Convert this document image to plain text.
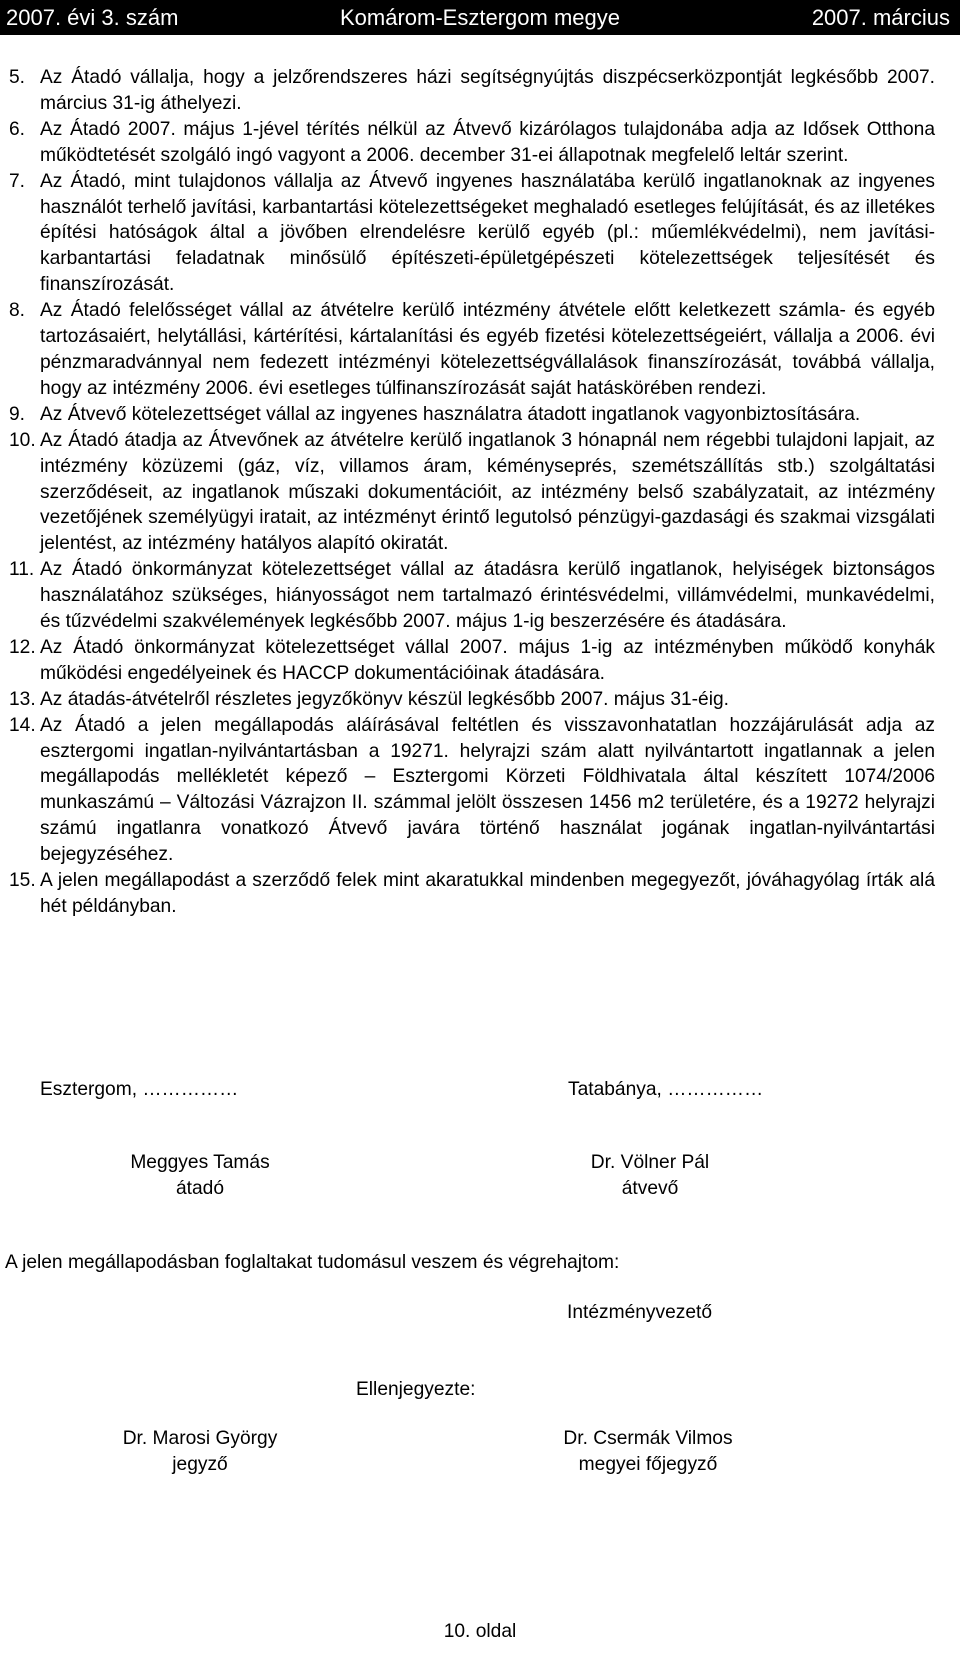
2007. évi 3. szám	Komárom-Esztergom megye	2007. március
5. Az Átadó vállalja, hogy a jelzőrendszeres házi segítségnyújtás diszpécserközpontját legkésőbb 2007. március 31-ig áthelyezi.
6. Az Átadó 2007. május 1-jével térítés nélkül az Átvevő kizárólagos tulajdonába adja az Idősek Otthona működtetését szolgáló ingó vagyont a 2006. december 31-ei állapotnak megfelelő leltár szerint.
7. Az Átadó, mint tulajdonos vállalja az Átvevő ingyenes használatába kerülő ingatlanoknak az ingyenes használót terhelő javítási, karbantartási kötelezettségeket meghaladó esetleges felújítását, és az illetékes építési hatóságok által a jövőben elrendelésre kerülő egyéb (pl.: műemlékvédelmi), nem javítási-karbantartási feladatnak minősülő építészeti-épületgépészeti kötelezettségek teljesítését és finanszírozását.
8. Az Átadó felelősséget vállal az átvételre kerülő intézmény átvétele előtt keletkezett számla- és egyéb tartozásaiért, helytállási, kártérítési, kártalanítási és egyéb fizetési kötelezettségeiért, vállalja a 2006. évi pénzmaradvánnyal nem fedezett intézményi kötelezettségvállalások finanszírozását, továbbá vállalja, hogy az intézmény 2006. évi esetleges túlfinanszírozását saját hatáskörében rendezi.
9. Az Átvevő kötelezettséget vállal az ingyenes használatra átadott ingatlanok vagyonbiztosítására.
10. Az Átadó átadja az Átvevőnek az átvételre kerülő ingatlanok 3 hónapnál nem régebbi tulajdoni lapjait, az intézmény közüzemi (gáz, víz, villamos áram, kéményseprés, szemétszállítás stb.) szolgáltatási szerződéseit, az ingatlanok műszaki dokumentációit, az intézmény belső szabályzatait, az intézmény vezetőjének személyügyi iratait, az intézményt érintő legutolsó pénzügyi-gazdasági és szakmai vizsgálati jelentést, az intézmény hatályos alapító okiratát.
11. Az Átadó önkormányzat kötelezettséget vállal az átadásra kerülő ingatlanok, helyiségek biztonságos használatához szükséges, hiányosságot nem tartalmazó érintésvédelmi, villámvédelmi, munkavédelmi, és tűzvédelmi szakvélemények legkésőbb 2007. május 1-ig beszerzésére és átadására.
12. Az Átadó önkormányzat kötelezettséget vállal 2007. május 1-ig az intézményben működő konyhák működési engedélyeinek és HACCP dokumentációinak átadására.
13. Az átadás-átvételről részletes jegyzőkönyv készül legkésőbb 2007. május 31-éig.
14. Az Átadó a jelen megállapodás aláírásával feltétlen és visszavonhatatlan hozzájárulását adja az esztergomi ingatlan-nyilvántartásban a 19271. helyrajzi szám alatt nyilvántartott ingatlannak a jelen megállapodás mellékletét képező – Esztergomi Körzeti Földhivatala által készített 1074/2006 munkaszámú – Változási Vázrajzon II. számmal jelölt összesen 1456 m2 területére, és a 19272 helyrajzi számú ingatlanra vonatkozó Átvevő javára történő használat jogának ingatlan-nyilvántartási bejegyzéséhez.
15. A jelen megállapodást a szerződő felek mint akaratukkal mindenben megegyezőt, jóváhagyólag írták alá hét példányban.
Esztergom, ……………	Tatabánya, ……………
Meggyes Tamás
átadó
Dr. Völner Pál
átvevő
A jelen megállapodásban foglaltakat tudomásul veszem és végrehajtom:
Intézményvezető
Ellenjegyezte:
Dr. Marosi György
jegyző
Dr. Csermák Vilmos
megyei főjegyző
10. oldal
